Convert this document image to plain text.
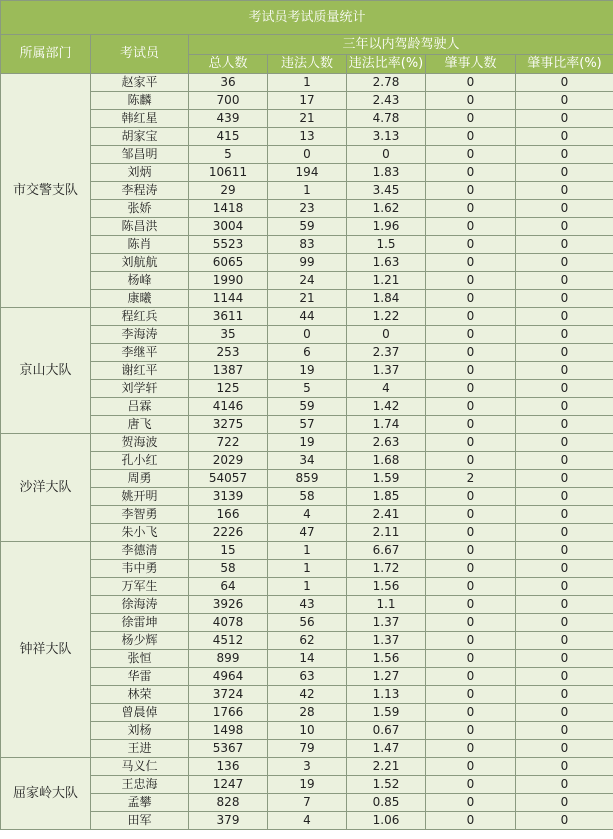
考试员考试质量统计						
所属部门	考试员	三年以内驾龄驾驶人				
		总人数	违法人数	违法比率(%)	肇事人数	肇事比率(%)
市交警支队	赵家平	36	1	2.78	0	0
	陈麟	700	17	2.43	0	0
	韩红星	439	21	4.78	0	0
	胡家宝	415	13	3.13	0	0
	邹昌明	5	0	0	0	0
	刘炳	10611	194	1.83	0	0
	李程涛	29	1	3.45	0	0
	张娇	1418	23	1.62	0	0
	陈昌洪	3004	59	1.96	0	0
	陈肖	5523	83	1.5	0	0
	刘航航	6065	99	1.63	0	0
	杨峰	1990	24	1.21	0	0
	康曦	1144	21	1.84	0	0
京山大队	程红兵	3611	44	1.22	0	0
	李海涛	35	0	0	0	0
	李继平	253	6	2.37	0	0
	谢红平	1387	19	1.37	0	0
	刘学轩	125	5	4	0	0
	吕霖	4146	59	1.42	0	0
	唐飞	3275	57	1.74	0	0
沙洋大队	贺海波	722	19	2.63	0	0
	孔小红	2029	34	1.68	0	0
	周勇	54057	859	1.59	2	0
	姚开明	3139	58	1.85	0	0
	李智勇	166	4	2.41	0	0
	朱小飞	2226	47	2.11	0	0
钟祥大队	李德清	15	1	6.67	0	0
	韦中勇	58	1	1.72	0	0
	万军生	64	1	1.56	0	0
	徐海涛	3926	43	1.1	0	0
	徐雷坤	4078	56	1.37	0	0
	杨少辉	4512	62	1.37	0	0
	张恒	899	14	1.56	0	0
	华雷	4964	63	1.27	0	0
	林荣	3724	42	1.13	0	0
	曾晨倬	1766	28	1.59	0	0
	刘杨	1498	10	0.67	0	0
	王进	5367	79	1.47	0	0
屈家岭大队	马义仁	136	3	2.21	0	0
	王忠海	1247	19	1.52	0	0
	孟攀	828	7	0.85	0	0
	田军	379	4	1.06	0	0
